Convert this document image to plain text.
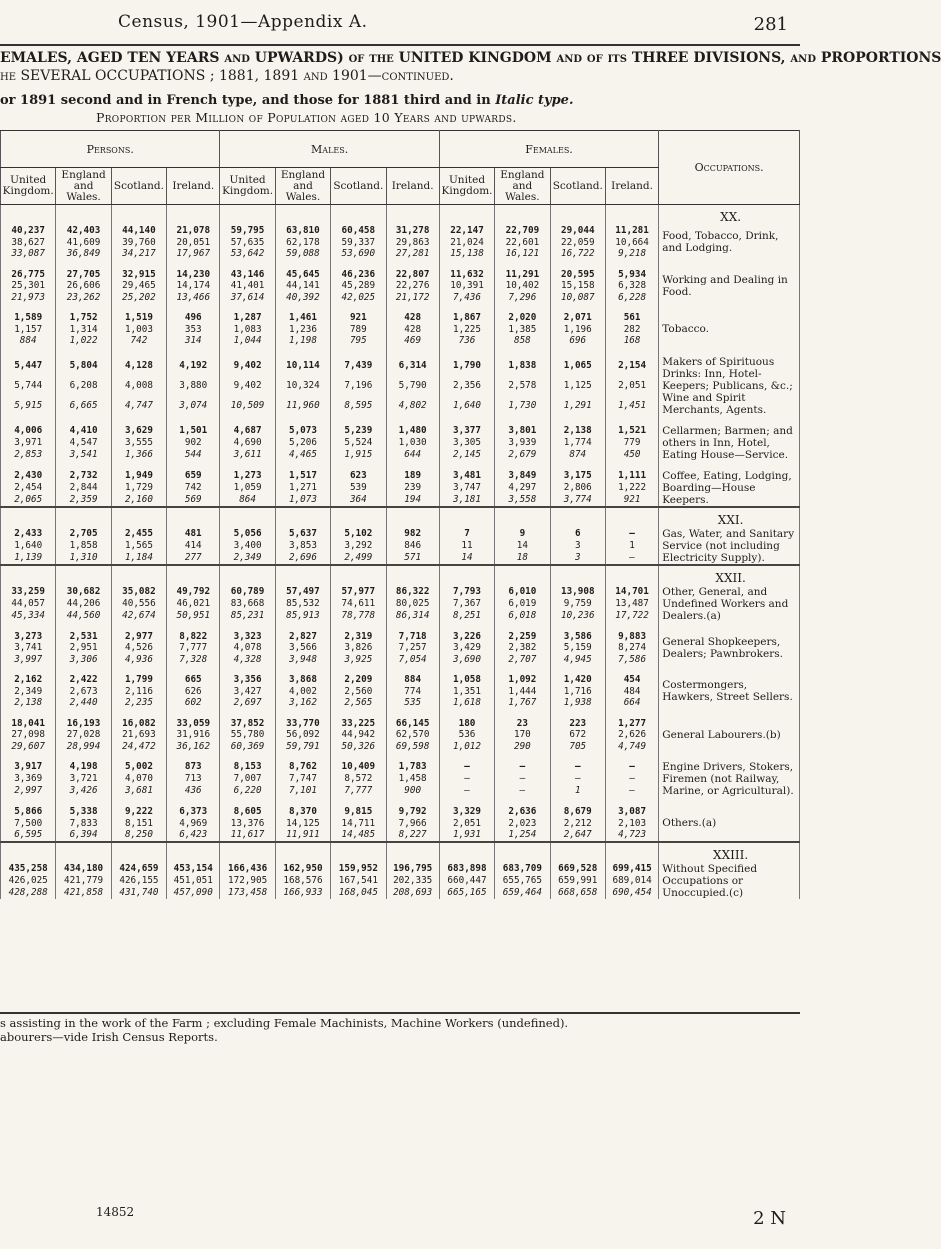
Census, 1901—Appendix A.	281
EMALES, AGED TEN YEARS and UPWARDS) of the UNITED KINGDOM and of its THREE DIVISIONS, and PROPORTIONS
he SEVERAL OCCUPATIONS ; 1881, 1891 and 1901—continued.
or 1891 second and in French type, and those for 1881 third and in Italic type.
Proportion per Million of Population aged 10 Years and upwards.
Persons.				Males.				Females.				Occupations.
United Kingdom.	England and Wales.	Scotland.	Ireland.	United Kingdom.	England and Wales.	Scotland.	Ireland.	United Kingdom.	England and Wales.	Scotland.	Ireland.	

												XX.

40,237	42,403	44,140	21,078	59,795	63,810	60,458	31,278	22,147	22,709	29,044	11,281	Food, Tobacco, Drink, and Lodging.

38,627	41,609	39,760	20,051	57,635	62,178	59,337	29,863	21,024	22,601	22,059	10,664	
33,087	36,849	34,217	17,967	53,642	59,088	53,690	27,281	15,138	16,121	16,722	9,218	

26,775	27,705	32,915	14,230	43,146	45,645	46,236	22,807	11,632	11,291	20,595	5,934	Working and Dealing in Food.

25,301	26,606	29,465	14,174	41,401	44,141	45,289	22,276	10,391	10,402	15,158	6,328	
21,973	23,262	25,202	13,466	37,614	40,392	42,025	21,172	7,436	7,296	10,087	6,228	

1,589	1,752	1,519	496	1,287	1,461	921	428	1,867	2,020	2,071	561	Tobacco.

1,157	1,314	1,003	353	1,083	1,236	789	428	1,225	1,385	1,196	282	
884	1,022	742	314	1,044	1,198	795	469	736	858	696	168	

5,447	5,804	4,128	4,192	9,402	10,114	7,439	6,314	1,790	1,838	1,065	2,154	Makers of Spirituous Drinks: Inn, Hotel-Keepers; Publicans, &c.; Wine and Spirit Merchants, Agents.

5,744	6,208	4,008	3,880	9,402	10,324	7,196	5,790	2,356	2,578	1,125	2,051	
5,915	6,665	4,747	3,074	10,509	11,960	8,595	4,802	1,640	1,730	1,291	1,451	

4,006	4,410	3,629	1,501	4,687	5,073	5,239	1,480	3,377	3,801	2,138	1,521	Cellarmen; Barmen; and others in Inn, Hotel, Eating House—Service.

3,971	4,547	3,555	902	4,690	5,206	5,524	1,030	3,305	3,939	1,774	779	
2,853	3,541	1,366	544	3,611	4,465	1,915	644	2,145	2,679	874	450	

2,430	2,732	1,949	659	1,273	1,517	623	189	3,481	3,849	3,175	1,111	Coffee, Eating, Lodging, Boarding—House Keepers.

2,454	2,844	1,729	742	1,059	1,271	539	239	3,747	4,297	2,806	1,222	
2,065	2,359	2,160	569	864	1,073	364	194	3,181	3,558	3,774	921	

												XXI.

2,433	2,705	2,455	481	5,056	5,637	5,102	982	7	9	6	—	Gas, Water, and Sanitary Service (not including Electricity Supply).

1,640	1,858	1,565	414	3,400	3,853	3,292	846	11	14	3	1	
1,139	1,310	1,184	277	2,349	2,696	2,499	571	14	18	3	—	

												XXII.

33,259	30,682	35,082	49,792	60,789	57,497	57,977	86,322	7,793	6,010	13,908	14,701	Other, General, and Undefined Workers and Dealers.(a)

44,057	44,206	40,556	46,021	83,668	85,532	74,611	80,025	7,367	6,019	9,759	13,487	
45,334	44,560	42,674	50,951	85,231	85,913	78,778	86,314	8,251	6,018	10,236	17,722	

3,273	2,531	2,977	8,822	3,323	2,827	2,319	7,718	3,226	2,259	3,586	9,883	General Shopkeepers, Dealers; Pawnbrokers.

3,741	2,951	4,526	7,777	4,078	3,566	3,826	7,257	3,429	2,382	5,159	8,274	
3,997	3,306	4,936	7,328	4,328	3,948	3,925	7,054	3,690	2,707	4,945	7,586	

2,162	2,422	1,799	665	3,356	3,868	2,209	884	1,058	1,092	1,420	454	Costermongers, Hawkers, Street Sellers.

2,349	2,673	2,116	626	3,427	4,002	2,560	774	1,351	1,444	1,716	484	
2,138	2,440	2,235	602	2,697	3,162	2,565	535	1,618	1,767	1,938	664	

18,041	16,193	16,082	33,059	37,852	33,770	33,225	66,145	180	23	223	1,277	General Labourers.(b)

27,098	27,028	21,693	31,916	55,780	56,092	44,942	62,570	536	170	672	2,626	
29,607	28,994	24,472	36,162	60,369	59,791	50,326	69,598	1,012	290	705	4,749	

3,917	4,198	5,002	873	8,153	8,762	10,409	1,783	—	—	—	—	Engine Drivers, Stokers, Firemen (not Railway, Marine, or Agricultural).

3,369	3,721	4,070	713	7,007	7,747	8,572	1,458	—	—	—	—	
2,997	3,426	3,681	436	6,220	7,101	7,777	900	—	—	1	—	

5,866	5,338	9,222	6,373	8,605	8,370	9,815	9,792	3,329	2,636	8,679	3,087	Others.(a)

7,500	7,833	8,151	4,969	13,376	14,125	14,711	7,966	2,051	2,023	2,212	2,103	
6,595	6,394	8,250	6,423	11,617	11,911	14,485	8,227	1,931	1,254	2,647	4,723	

												XXIII.

435,258	434,180	424,659	453,154	166,436	162,950	159,952	196,795	683,898	683,709	669,528	699,415	Without Specified Occupations or Unoccupied.(c)

426,025	421,779	426,155	451,051	172,905	168,576	167,541	202,335	660,447	655,765	659,991	689,014	
428,288	421,858	431,740	457,090	173,458	166,933	168,045	208,693	665,165	659,464	668,658	690,454	
s assisting in the work of the Farm ; excluding Female Machinists, Machine Workers (undefined).
abourers—vide Irish Census Reports.
14852	2 N
